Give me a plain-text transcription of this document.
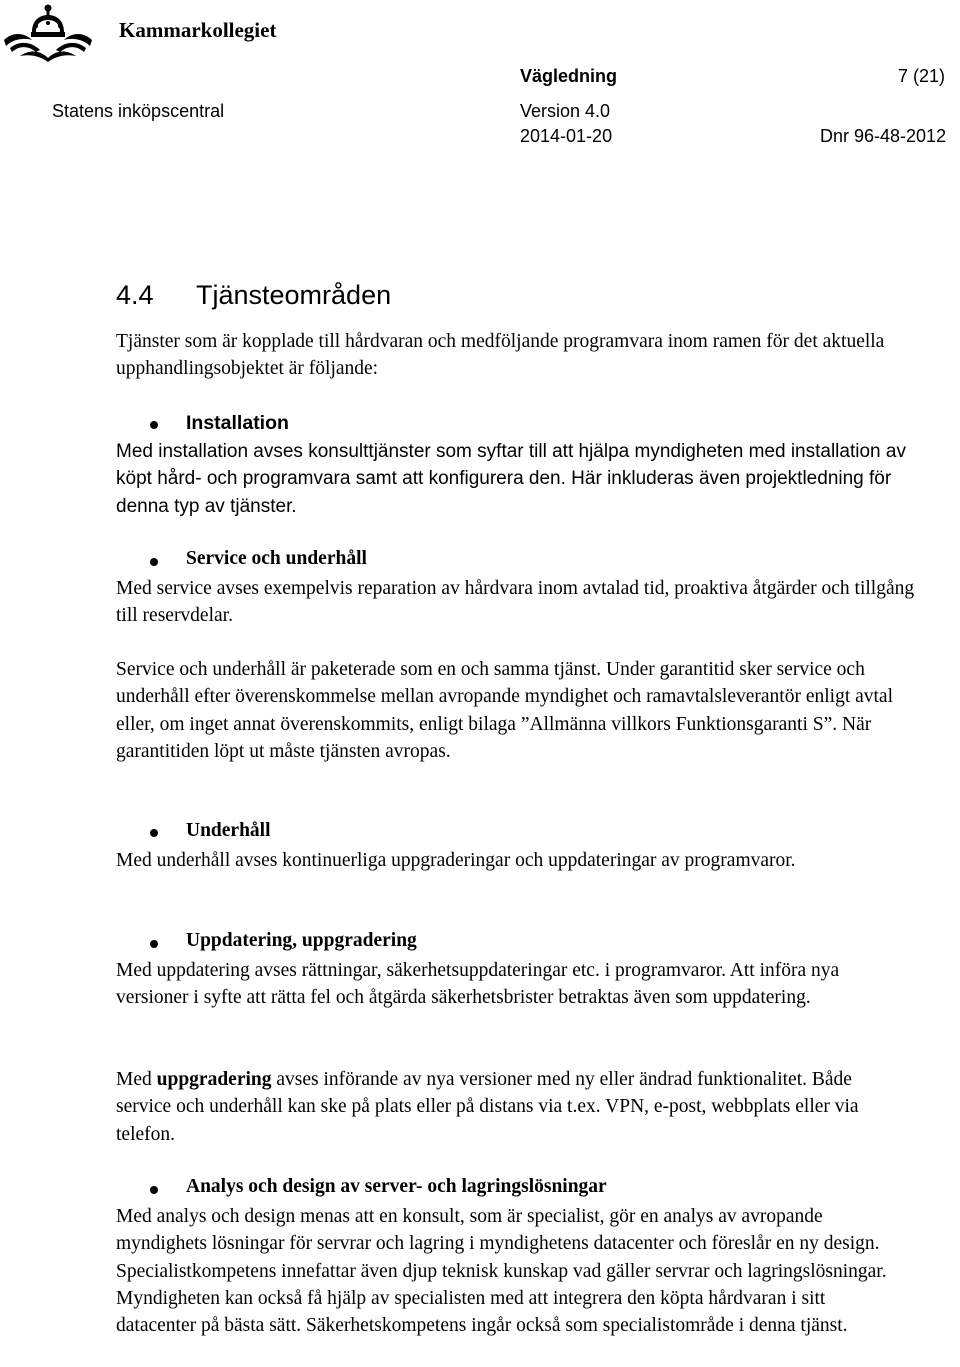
Kammarkollegiet
Vägledning	7 (21)
Statens inköpscentral	Version 4.0
2014-01-20	Dnr 96-48-2012
4.4 Tjänsteområden
Tjänster som är kopplade till hårdvaran och medföljande programvara inom ramen för det aktuella upphandlingsobjektet är följande:
Installation
Med installation avses konsulttjänster som syftar till att hjälpa myndigheten med installation av köpt hård- och programvara samt att konfigurera den. Här inkluderas även projektledning för denna typ av tjänster.
Service och underhåll
Med service avses exempelvis reparation av hårdvara inom avtalad tid, proaktiva åtgärder och tillgång till reservdelar.
Service och underhåll är paketerade som en och samma tjänst. Under garantitid sker service och underhåll efter överenskommelse mellan avropande myndighet och ramavtalsleverantör enligt avtal eller, om inget annat överenskommits, enligt bilaga ”Allmänna villkors Funktionsgaranti S”. När garantitiden löpt ut måste tjänsten avropas.
Underhåll
Med underhåll avses kontinuerliga uppgraderingar och uppdateringar av programvaror.
Uppdatering, uppgradering
Med uppdatering avses rättningar, säkerhetsuppdateringar etc. i programvaror. Att införa nya versioner i syfte att rätta fel och åtgärda säkerhetsbrister betraktas även som uppdatering.
Med uppgradering avses införande av nya versioner med ny eller ändrad funktionalitet. Både service och underhåll kan ske på plats eller på distans via t.ex. VPN, e-post, webbplats eller via telefon.
Analys och design av server- och lagringslösningar
Med analys och design menas att en konsult, som är specialist, gör en analys av avropande myndighets lösningar för servrar och lagring i myndighetens datacenter och föreslår en ny design. Specialistkompetens innefattar även djup teknisk kunskap vad gäller servrar och lagringslösningar. Myndigheten kan också få hjälp av specialisten med att integrera den köpta hårdvaran i sitt datacenter på bästa sätt. Säkerhetskompetens ingår också som specialistområde i denna tjänst.
